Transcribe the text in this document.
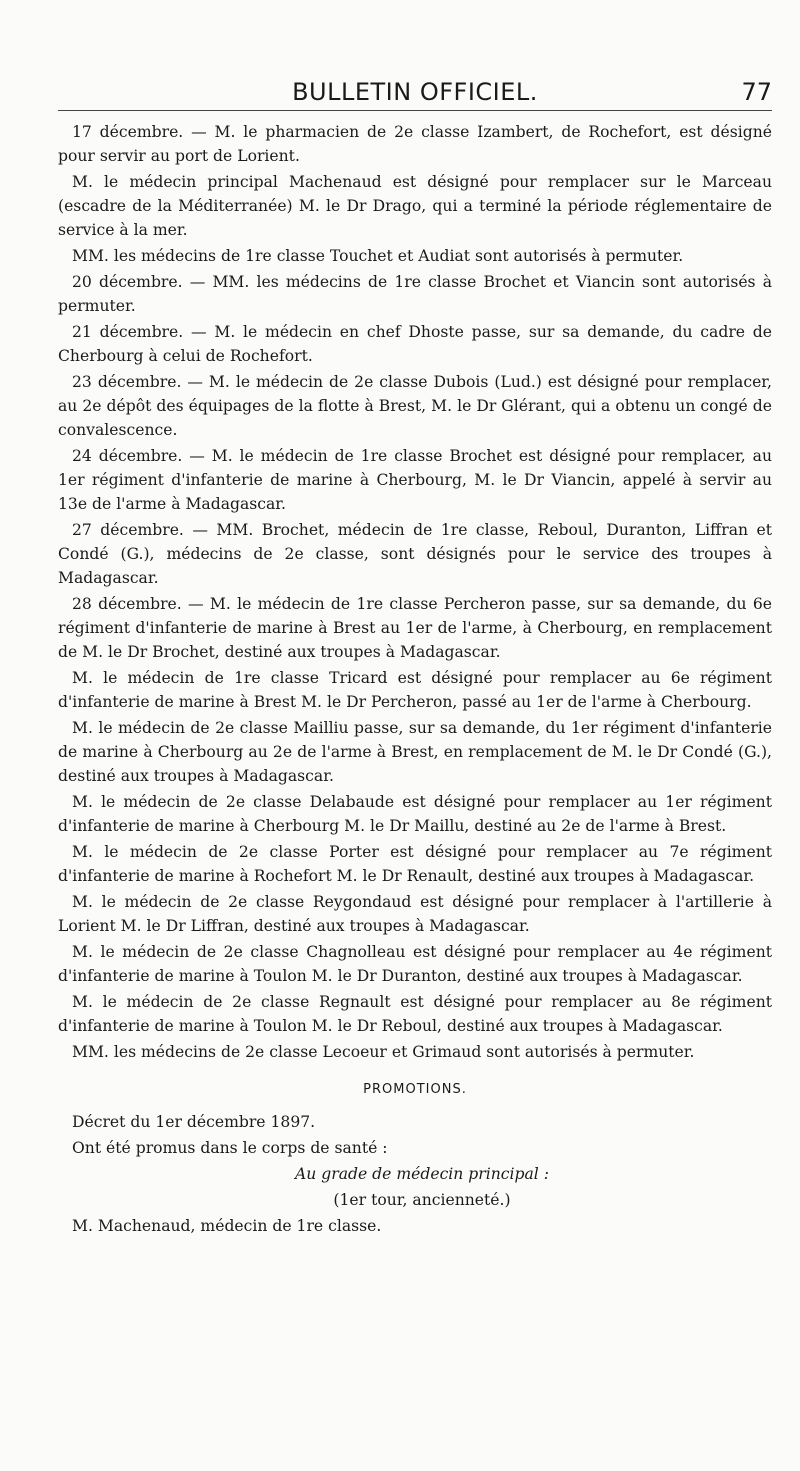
BULLETIN OFFICIEL.	77

17 décembre. — M. le pharmacien de 2e classe Izambert, de Rochefort, est désigné pour servir au port de Lorient.

M. le médecin principal Machenaud est désigné pour remplacer sur le Marceau (escadre de la Méditerranée) M. le Dr Drago, qui a terminé la période réglementaire de service à la mer.

MM. les médecins de 1re classe Touchet et Audiat sont autorisés à permuter.

20 décembre. — MM. les médecins de 1re classe Brochet et Viancin sont autorisés à permuter.

21 décembre. — M. le médecin en chef Dhoste passe, sur sa demande, du cadre de Cherbourg à celui de Rochefort.

23 décembre. — M. le médecin de 2e classe Dubois (Lud.) est désigné pour remplacer, au 2e dépôt des équipages de la flotte à Brest, M. le Dr Glérant, qui a obtenu un congé de convalescence.

24 décembre. — M. le médecin de 1re classe Brochet est désigné pour remplacer, au 1er régiment d'infanterie de marine à Cherbourg, M. le Dr Viancin, appelé à servir au 13e de l'arme à Madagascar.

27 décembre. — MM. Brochet, médecin de 1re classe, Reboul, Duranton, Liffran et Condé (G.), médecins de 2e classe, sont désignés pour le service des troupes à Madagascar.

28 décembre. — M. le médecin de 1re classe Percheron passe, sur sa demande, du 6e régiment d'infanterie de marine à Brest au 1er de l'arme, à Cherbourg, en remplacement de M. le Dr Brochet, destiné aux troupes à Madagascar.

M. le médecin de 1re classe Tricard est désigné pour remplacer au 6e régiment d'infanterie de marine à Brest M. le Dr Percheron, passé au 1er de l'arme à Cherbourg.

M. le médecin de 2e classe Mailliu passe, sur sa demande, du 1er régiment d'infanterie de marine à Cherbourg au 2e de l'arme à Brest, en remplacement de M. le Dr Condé (G.), destiné aux troupes à Madagascar.

M. le médecin de 2e classe Delabaude est désigné pour remplacer au 1er régiment d'infanterie de marine à Cherbourg M. le Dr Maillu, destiné au 2e de l'arme à Brest.

M. le médecin de 2e classe Porter est désigné pour remplacer au 7e régiment d'infanterie de marine à Rochefort M. le Dr Renault, destiné aux troupes à Madagascar.

M. le médecin de 2e classe Reygondaud est désigné pour remplacer à l'artillerie à Lorient M. le Dr Liffran, destiné aux troupes à Madagascar.

M. le médecin de 2e classe Chagnolleau est désigné pour remplacer au 4e régiment d'infanterie de marine à Toulon M. le Dr Duranton, destiné aux troupes à Madagascar.

M. le médecin de 2e classe Regnault est désigné pour remplacer au 8e régiment d'infanterie de marine à Toulon M. le Dr Reboul, destiné aux troupes à Madagascar.

MM. les médecins de 2e classe Lecoeur et Grimaud sont autorisés à permuter.

PROMOTIONS.

Décret du 1er décembre 1897.

Ont été promus dans le corps de santé :

Au grade de médecin principal :

(1er tour, ancienneté.)

M. Machenaud, médecin de 1re classe.
